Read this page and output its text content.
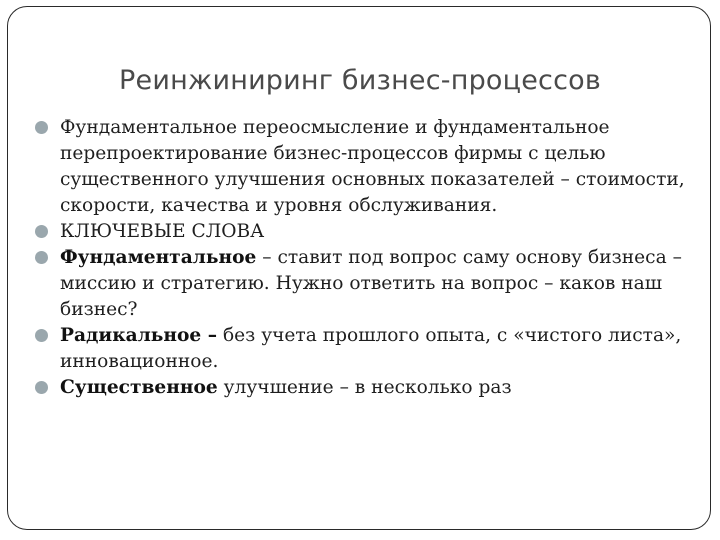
Реинжиниринг бизнес-процессов
Фундаментальное переосмысление и фундаментальное перепроектирование бизнес-процессов фирмы с целью существенного улучшения основных показателей – стоимости, скорости, качества и уровня обслуживания.
КЛЮЧЕВЫЕ СЛОВА
Фундаментальное – ставит под вопрос саму основу бизнеса – миссию и стратегию. Нужно ответить на вопрос – каков наш бизнес?
Радикальное – без учета прошлого опыта, с «чистого листа», инновационное.
Существенное улучшение – в несколько раз
